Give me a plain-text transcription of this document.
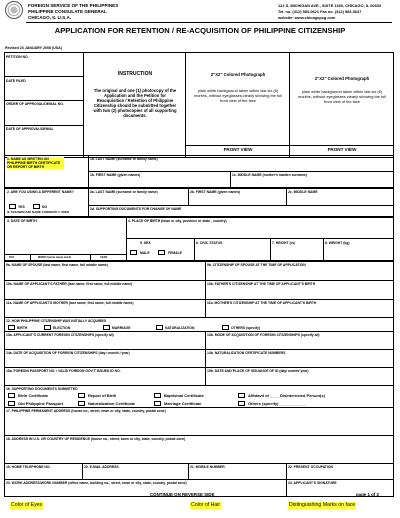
FOREIGN SERVICE OF THE PHILIPPINES
PHILIPPINE CONSULATE GENERAL
CHICAGO, IL U.S.A.
122 S. MICHIGAN AVE., SUITE 1600, CHICAGO, IL 60603
Tel. no. (312) 583-0621 Fax no. (312) 583-0647
website: www.chicagopcg.com
APPLICATION FOR RETENTION / RE-ACQUISITION OF PHILIPPINE CITIZENSHIP
Revised 23 JANUARY 2008 (USA)
PETITION NO.
DATE FILED
ORDER OF APPROVAL/DENIAL NO.
DATE OF APPROVAL/DENIAL
INSTRUCTION
The original and one (1) photocopy of the Application and the Petition for Reacquisition / Retention of Philippine Citizenship should be submitted together with two (2) photocopies of all supporting documents.
2"X2" Colored Photograph
plain white background taken within last six (6) months, without eyeglasses,clearly showing the full front view of the face
FRONT VIEW
2"X2" Colored Photograph
plain white background taken within last six (6) months, without eyeglasses,clearly showing the full front view of the face
FRONT VIEW
1. NAME AS WRITTEN ON PHILIPPINE BIRTH CERTIFICATE OR REPORT OF BIRTH
1a. LAST NAME (surname or family name)
1b. FIRST NAME (given names)	1c. MIDDLE NAME (mother's maiden surname)
2. ARE YOU USING A DIFFERENT NAME?
YES	NO
IF YES,INDICATE NAME CURRENTLY USED
2a. LAST NAME (surname or family name)	2b. FIRST NAME (given names)	2c. MIDDLE NAME
2d. SUPPORTING DOCUMENTS FOR CHANGE OF NAME
3. DATE OF BIRTH
DAY	MONTH (write whole word)	YEAR
4. PLACE OF BIRTH (town or city, province or state , country)
5. SEX
MALE	FEMALE
6. CIVIL STATUS	7. HEIGHT (in)	8. WEIGHT (kg)
9a. NAME OF SPOUSE (last name, first name, full middle name)	9b. CITIZENSHIP OF SPOUSE AT THE TIME OF APPLICATION
10a. NAME OF APPLICANT'S FATHER (last name, first name, full middle name)	10b. FATHER'S CITIZENSHIP AT THE TIME OF APPLICANT'S BIRTH
11a. NAME OF APPLICANT'S MOTHER (last name, first name, full middle name)	11b. MOTHER'S CITIZENSHIP AT THE TIME OF APPLICANT'S BIRTH
12. HOW PHILIPPINE CITIZENSHIP WAS INITIALLY ACQUIRED
BIRTH	ELECTION	MARRIAGE	NATURALIZATION	OTHERS (specify)
13a. APPLICANT'S CURRENT FOREIGN CITIZENSHIPS (specify all)	13b. MODE OF ACQUISITION OF FOREIGN CITIZENSHIPS (specify all)
14a. DATE OF ACQUISITION OF FOREIGN CITIZENSHIPS (day / month / year)	14b. NATURALIZATION CERTIFICATE NUMBERS
15a. FOREIGN PASSPORT NO. / VALID FOREIGN GOV'T ISSUED ID NO.	15b. DATE AND PLACE OF ISSUANCE OF ID (day/ month/ year)
16. SUPPORTING DOCUMENTS SUBMITTED
Birth Certificate	Report of Birth	Baptismal Certificate	Affidavit of ____ Disinterested Person(s)
Old Philippine Passport	Naturalization Certificate	Marriage Certificate	Others (specify) ____________
17. PHILIPPINE PERMANENT ADDRESS (house no., street, town or city, state, country, postal zone)
18. ADDRESS IN U.S. OR COUNTRY OF RESIDENCE (house no., street, town or city, state, country, postal zone)
19. HOME TELEPHONE NO.	20. E-MAIL ADDRESS	21. MOBILE NUMBER	22. PRESENT OCCUPATION
23. WORK ADDRESS/WORK NUMBER (office name, building no., street, town or city, state, country, postal zone)	24. APPLICANT'S SIGNATURE
CONTINUE ON REVERSE SIDE	page 1 of 2
Color of Eyes	Color of Hair	Distinguishing Marks on face
